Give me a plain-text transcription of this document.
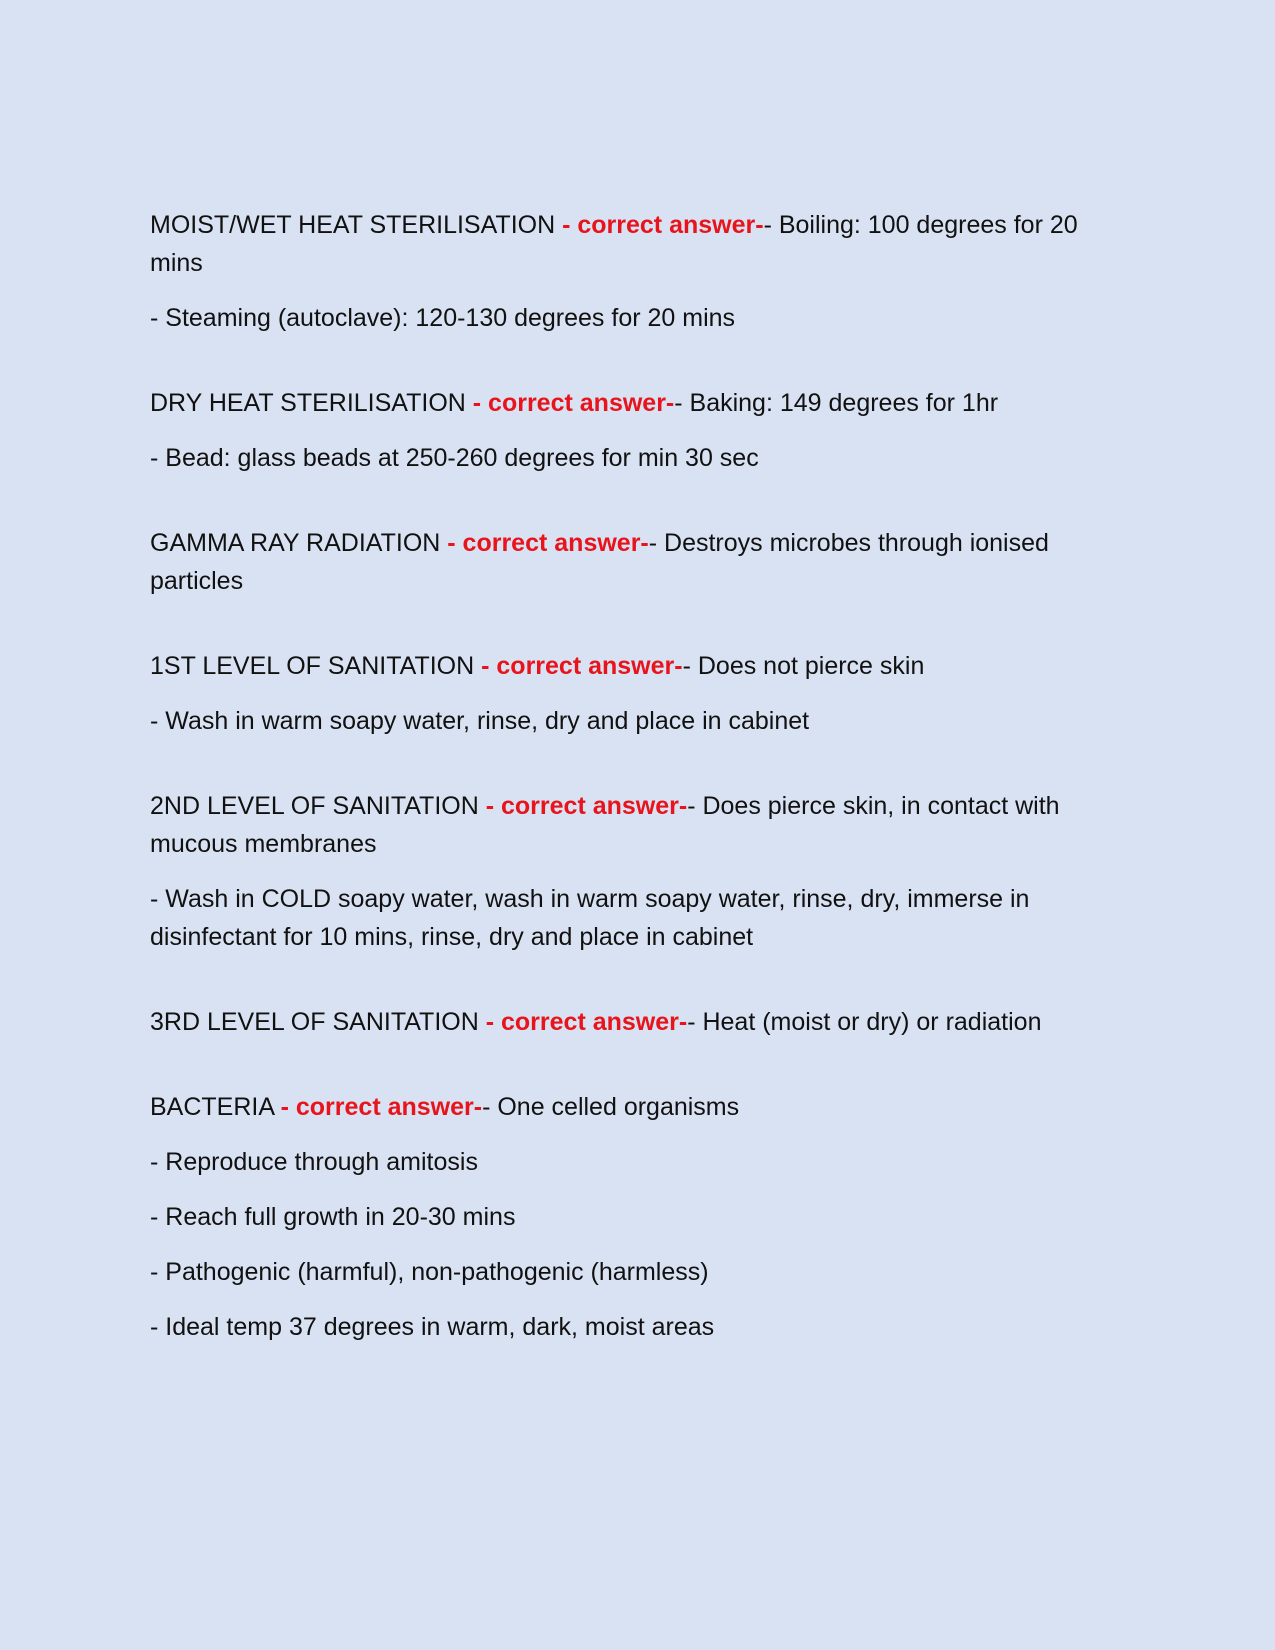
MOIST/WET HEAT STERILISATION - correct answer-- Boiling: 100 degrees for 20 mins

- Steaming (autoclave): 120-130 degrees for 20 mins

DRY HEAT STERILISATION - correct answer-- Baking: 149 degrees for 1hr

- Bead: glass beads at 250-260 degrees for min 30 sec

GAMMA RAY RADIATION - correct answer-- Destroys microbes through ionised particles

1ST LEVEL OF SANITATION - correct answer-- Does not pierce skin

- Wash in warm soapy water, rinse, dry and place in cabinet

2ND LEVEL OF SANITATION - correct answer-- Does pierce skin, in contact with mucous membranes

- Wash in COLD soapy water, wash in warm soapy water, rinse, dry, immerse in disinfectant for 10 mins, rinse, dry and place in cabinet

3RD LEVEL OF SANITATION - correct answer-- Heat (moist or dry) or radiation

BACTERIA - correct answer-- One celled organisms

- Reproduce through amitosis

- Reach full growth in 20-30 mins

- Pathogenic (harmful), non-pathogenic (harmless)

- Ideal temp 37 degrees in warm, dark, moist areas
